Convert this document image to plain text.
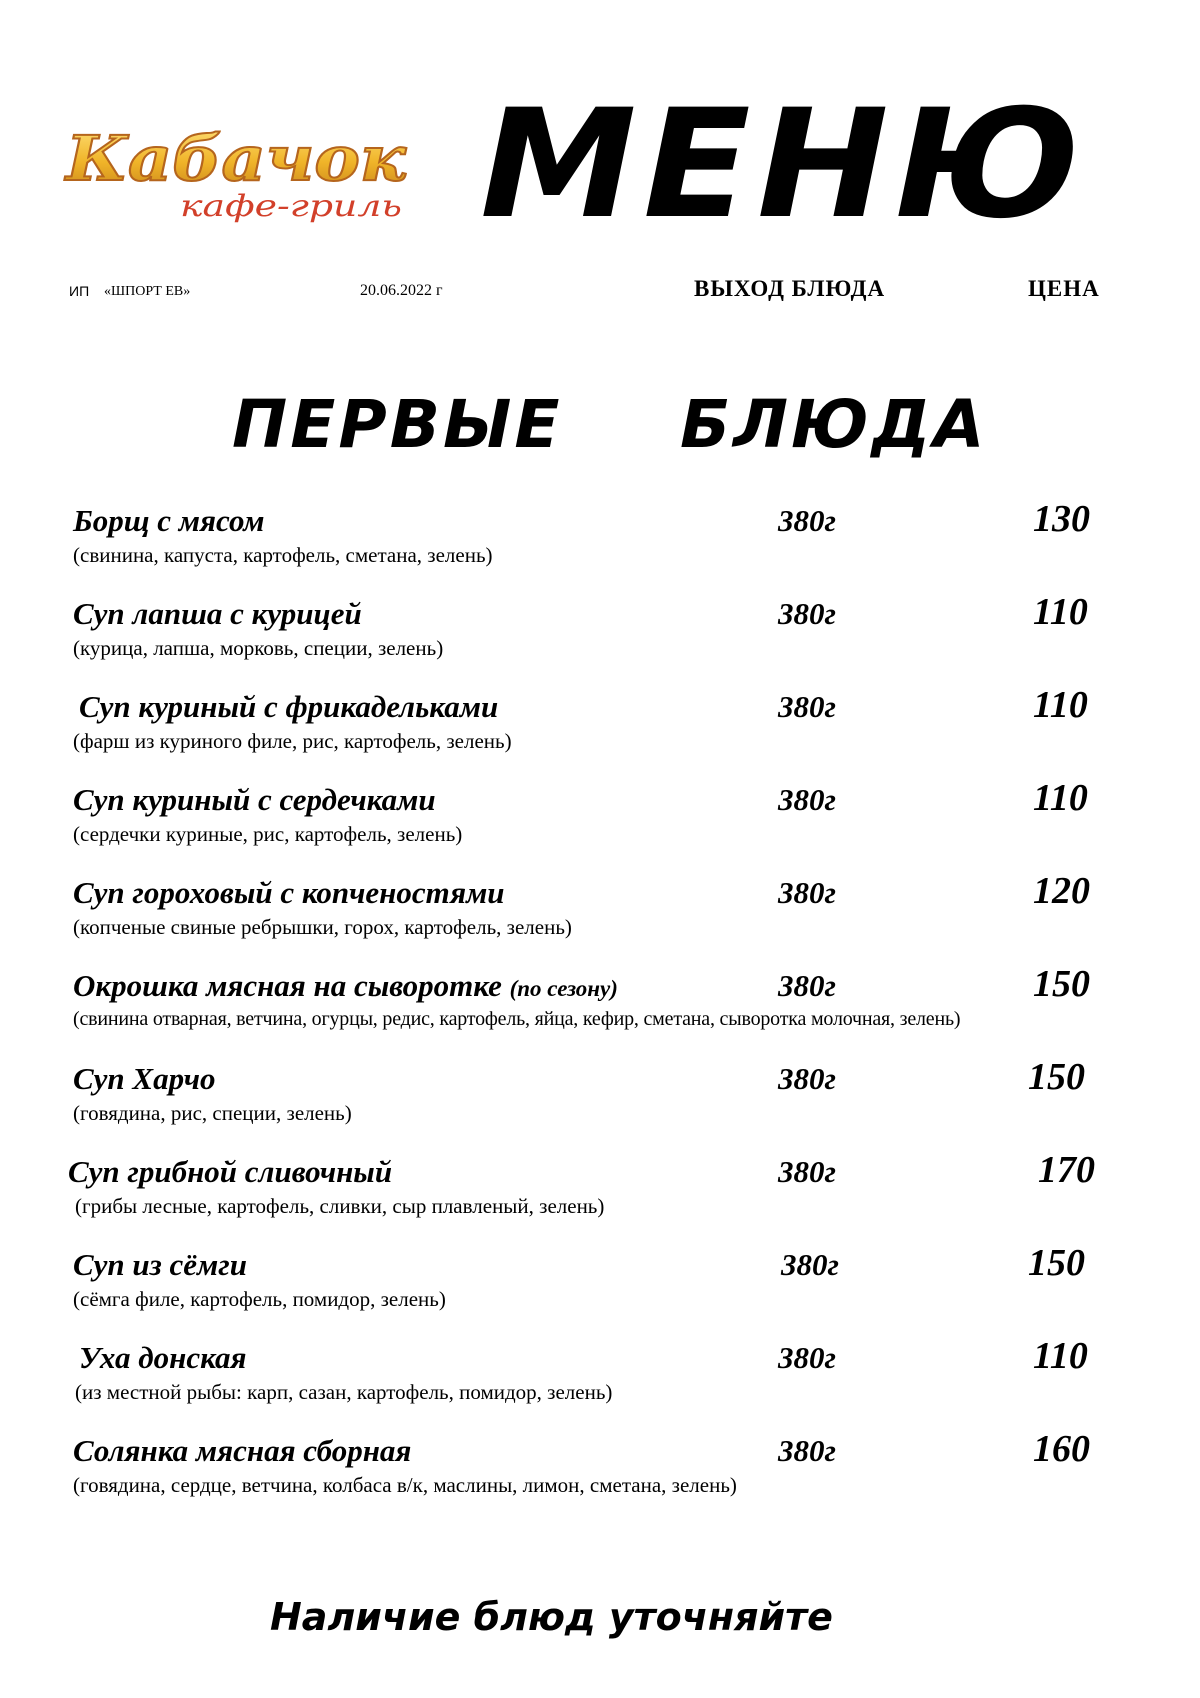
Кабачок
кафе-гриль МЕНЮ
ИП «ШПОРТ ЕВ»	20.06.2022 г	ВЫХОД БЛЮДА	ЦЕНА
ПЕРВЫЕ БЛЮДА
Борщ с мясом
(свинина, капуста, картофель, сметана, зелень)
380г	130
Суп лапша с курицей
(курица, лапша, морковь, специи, зелень)
380г	110
Суп куриный с фрикадельками
(фарш из куриного филе, рис, картофель, зелень)
380г	110
Суп куриный с сердечками
(сердечки куриные, рис, картофель, зелень)
380г	110
Суп гороховый с копченостями
(копченые свиные ребрышки, горох, картофель, зелень)
380г	120
Окрошка мясная на сыворотке (по сезону)
(свинина отварная, ветчина, огурцы, редис, картофель, яйца, кефир, сметана, сыворотка молочная, зелень)
380г	150
Суп Харчо
(говядина, рис, специи, зелень)
380г	150
Суп грибной сливочный
(грибы лесные, картофель, сливки, сыр плавленый, зелень)
380г	170
Суп из сёмги
(сёмга филе, картофель, помидор, зелень)
380г	150
Уха донская
(из местной рыбы: карп, сазан, картофель, помидор, зелень)
380г	110
Солянка мясная сборная
(говядина, сердце, ветчина, колбаса в/к, маслины, лимон, сметана, зелень)
380г	160
Наличие блюд уточняйте
